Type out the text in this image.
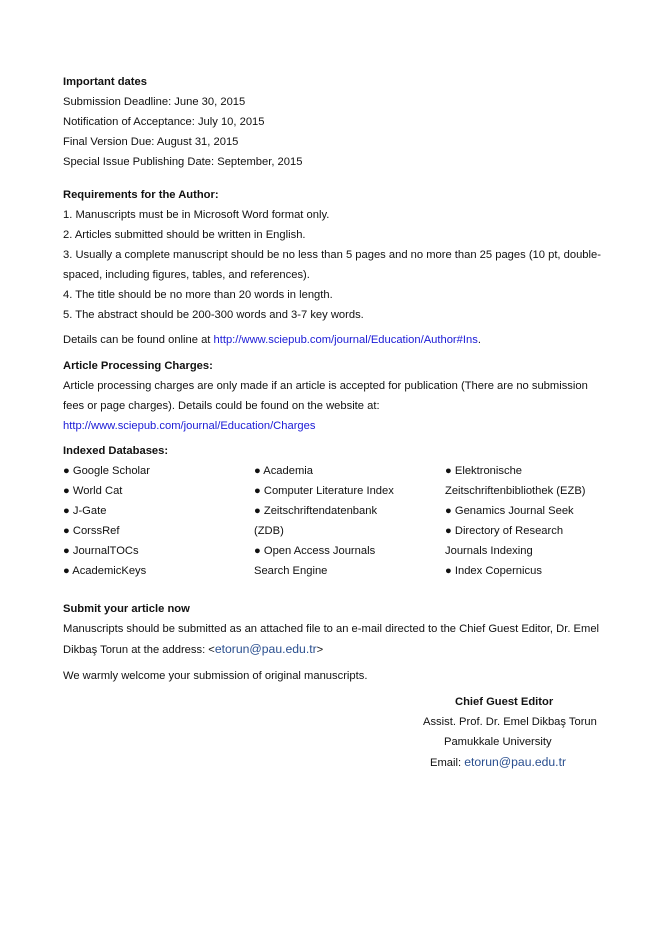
Important dates
Submission Deadline: June 30, 2015
Notification of Acceptance: July 10, 2015
Final Version Due: August 31, 2015
Special Issue Publishing Date: September, 2015
Requirements for the Author:
1. Manuscripts must be in Microsoft Word format only.
2. Articles submitted should be written in English.
3. Usually a complete manuscript should be no less than 5 pages and no more than 25 pages (10 pt, double-
spaced, including figures, tables, and references).
4. The title should be no more than 20 words in length.
5. The abstract should be 200-300 words and 3-7 key words.
Details can be found online at http://www.sciepub.com/journal/Education/Author#Ins.
Article Processing Charges:
Article processing charges are only made if an article is accepted for publication (There are no submission
fees or page charges). Details could be found on the website at:
http://www.sciepub.com/journal/Education/Charges
Indexed Databases:
● Google Scholar
● World Cat
● J-Gate
● CorssRef
● JournalTOCs
● AcademicKeys
● Academia
● Computer Literature Index
● Zeitschriftendatenbank
(ZDB)
● Open Access Journals
Search Engine
● Elektronische
Zeitschriftenbibliothek (EZB)
● Genamics Journal Seek
● Directory of Research
Journals Indexing
● Index Copernicus
Submit your article now
Manuscripts should be submitted as an attached file to an e-mail directed to the Chief Guest Editor, Dr. Emel
Dikbaş Torun at the address: <etorun@pau.edu.tr>
We warmly welcome your submission of original manuscripts.
Chief Guest Editor
Assist. Prof. Dr. Emel Dikbaş Torun
Pamukkale University
Email: etorun@pau.edu.tr
